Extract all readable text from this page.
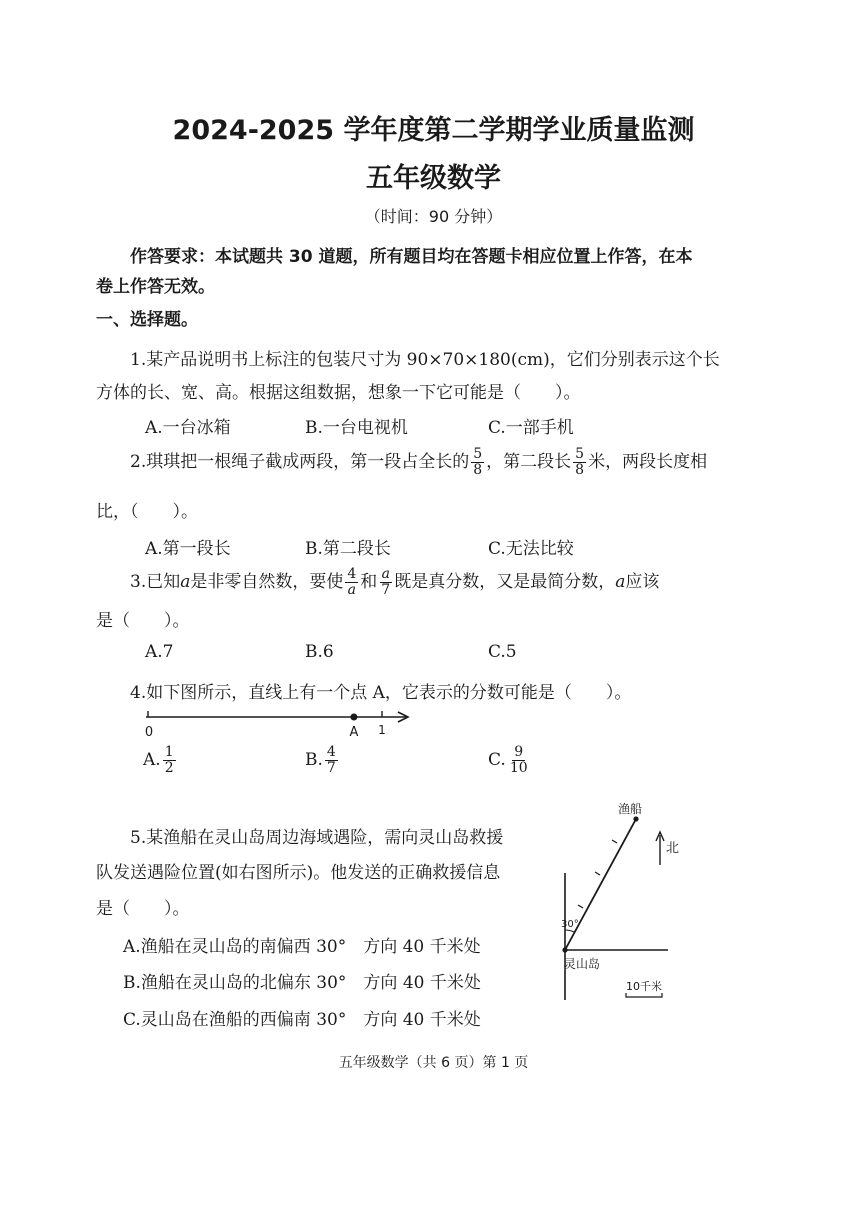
2024-2025 学年度第二学期学业质量监测
五年级数学
（时间：90 分钟）
作答要求：本试题共 30 道题，所有题目均在答题卡相应位置上作答，在本
卷上作答无效。
一、选择题。
1.某产品说明书上标注的包装尺寸为 90×70×180(cm)，它们分别表示这个长
方体的长、宽、高。根据这组数据，想象一下它可能是（　　）。
A.一台冰箱	B.一台电视机	C.一部手机
2.琪琪把一根绳子截成两段，第一段占全长的 $\frac{5}{8}$ ，第二段长 $\frac{5}{8}$ 米，两段长度相
比，（　　）。
A.第一段长	B.第二段长	C.无法比较
3.已知a是非零自然数，要使 $\frac{4}{a}$ 和 $\frac{a}{7}$ 既是真分数，又是最简分数，a应该
是（　　）。
A.7	B.6	C.5
4.如下图所示，直线上有一个点 A，它表示的分数可能是（　　）。
0	A 1
A. $\frac{1}{2}$	B. $\frac{4}{7}$	C. $\frac{9}{10}$
5.某渔船在灵山岛周边海域遇险，需向灵山岛救援
队发送遇险位置(如右图所示)。他发送的正确救援信息
是（　　）。
A.渔船在灵山岛的南偏西 30°　方向 40 千米处
B.渔船在灵山岛的北偏东 30°　方向 40 千米处
C.灵山岛在渔船的西偏南 30°　方向 40 千米处
渔船
北
30°
灵山岛
10千米
五年级数学（共 6 页）第 1 页
